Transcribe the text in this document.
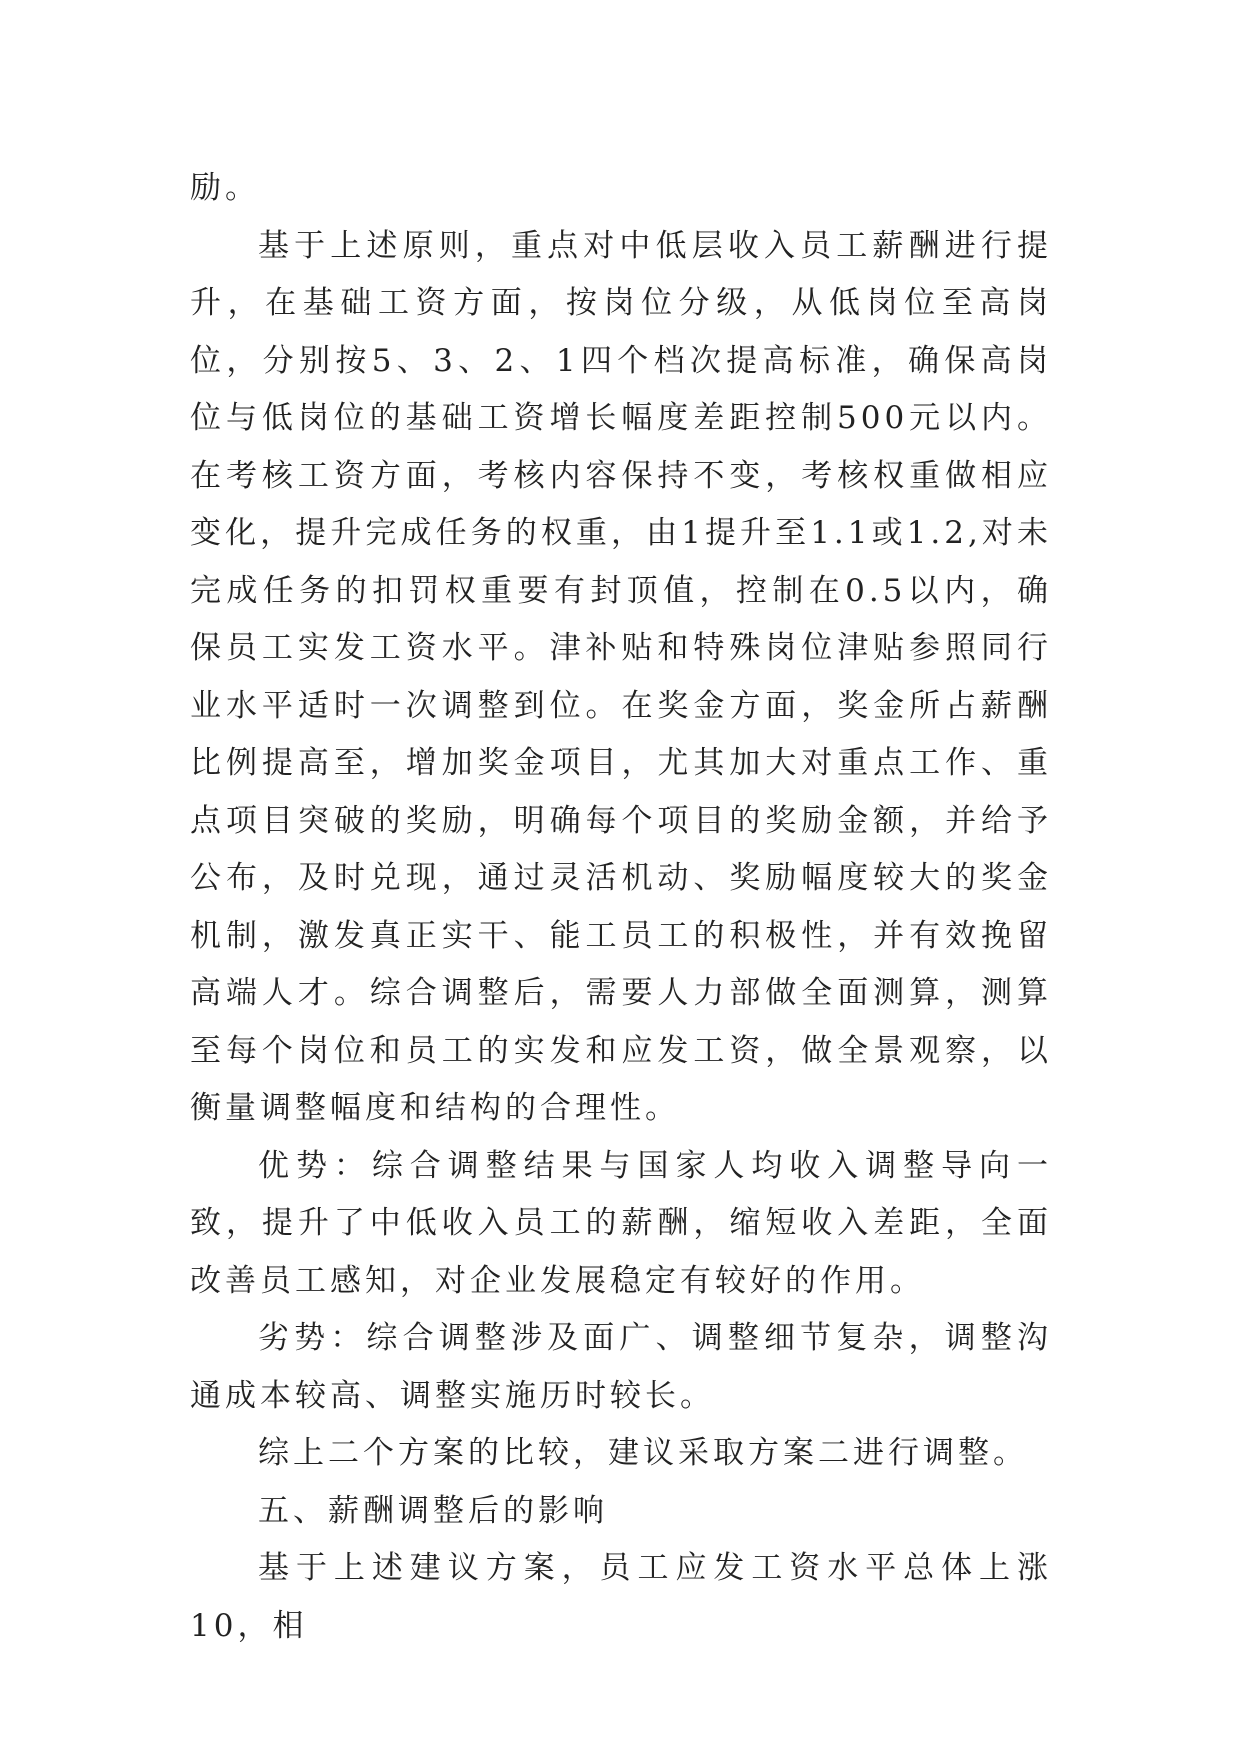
励。

基于上述原则，重点对中低层收入员工薪酬进行提升，在基础工资方面，按岗位分级，从低岗位至高岗位，分别按5、3、2、1四个档次提高标准，确保高岗位与低岗位的基础工资增长幅度差距控制500元以内。在考核工资方面，考核内容保持不变，考核权重做相应变化，提升完成任务的权重，由1提升至1.1或1.2,对未完成任务的扣罚权重要有封顶值，控制在0.5以内，确保员工实发工资水平。津补贴和特殊岗位津贴参照同行业水平适时一次调整到位。在奖金方面，奖金所占薪酬比例提高至，增加奖金项目，尤其加大对重点工作、重点项目突破的奖励，明确每个项目的奖励金额，并给予公布，及时兑现，通过灵活机动、奖励幅度较大的奖金机制，激发真正实干、能工员工的积极性，并有效挽留高端人才。综合调整后，需要人力部做全面测算，测算至每个岗位和员工的实发和应发工资，做全景观察，以衡量调整幅度和结构的合理性。

优势：综合调整结果与国家人均收入调整导向一致，提升了中低收入员工的薪酬，缩短收入差距，全面改善员工感知，对企业发展稳定有较好的作用。

劣势：综合调整涉及面广、调整细节复杂，调整沟通成本较高、调整实施历时较长。

综上二个方案的比较，建议采取方案二进行调整。

五、薪酬调整后的影响

基于上述建议方案，员工应发工资水平总体上涨10，相
